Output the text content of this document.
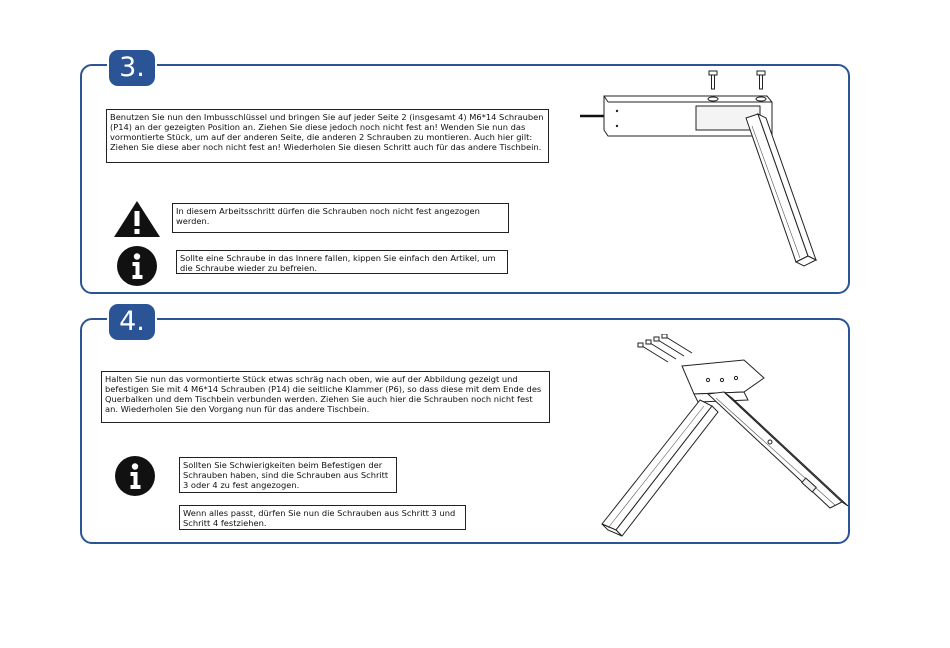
3.
Benutzen Sie nun den Imbusschlüssel und bringen Sie auf jeder Seite 2 (insgesamt 4) M6*14 Schrauben (P14) an der gezeigten Position an. Ziehen Sie diese jedoch noch nicht fest an! Wenden Sie nun das vormontierte Stück, um auf der anderen Seite, die anderen 2 Schrauben zu montieren. Auch hier gilt: Ziehen Sie diese aber noch nicht fest an! Wiederholen Sie diesen Schritt auch für das andere Tischbein.
In diesem Arbeitsschritt dürfen die Schrauben noch nicht fest angezogen werden.
Sollte eine Schraube in das Innere fallen, kippen Sie einfach den Artikel, um die Schraube wieder zu befreien.
4.
Halten Sie nun das vormontierte Stück etwas schräg nach oben, wie auf der Abbildung gezeigt und befestigen Sie mit 4 M6*14 Schrauben (P14) die seitliche Klammer (P6), so dass diese mit dem Ende des Querbalken und dem Tischbein verbunden werden. Ziehen Sie auch hier die Schrauben noch nicht fest an. Wiederholen Sie den Vorgang nun für das andere Tischbein.
Sollten Sie Schwierigkeiten beim Befestigen der Schrauben haben, sind die Schrauben aus Schritt 3 oder 4 zu fest angezogen.
Wenn alles passt, dürfen Sie nun die Schrauben aus Schritt 3 und Schritt 4 festziehen.
